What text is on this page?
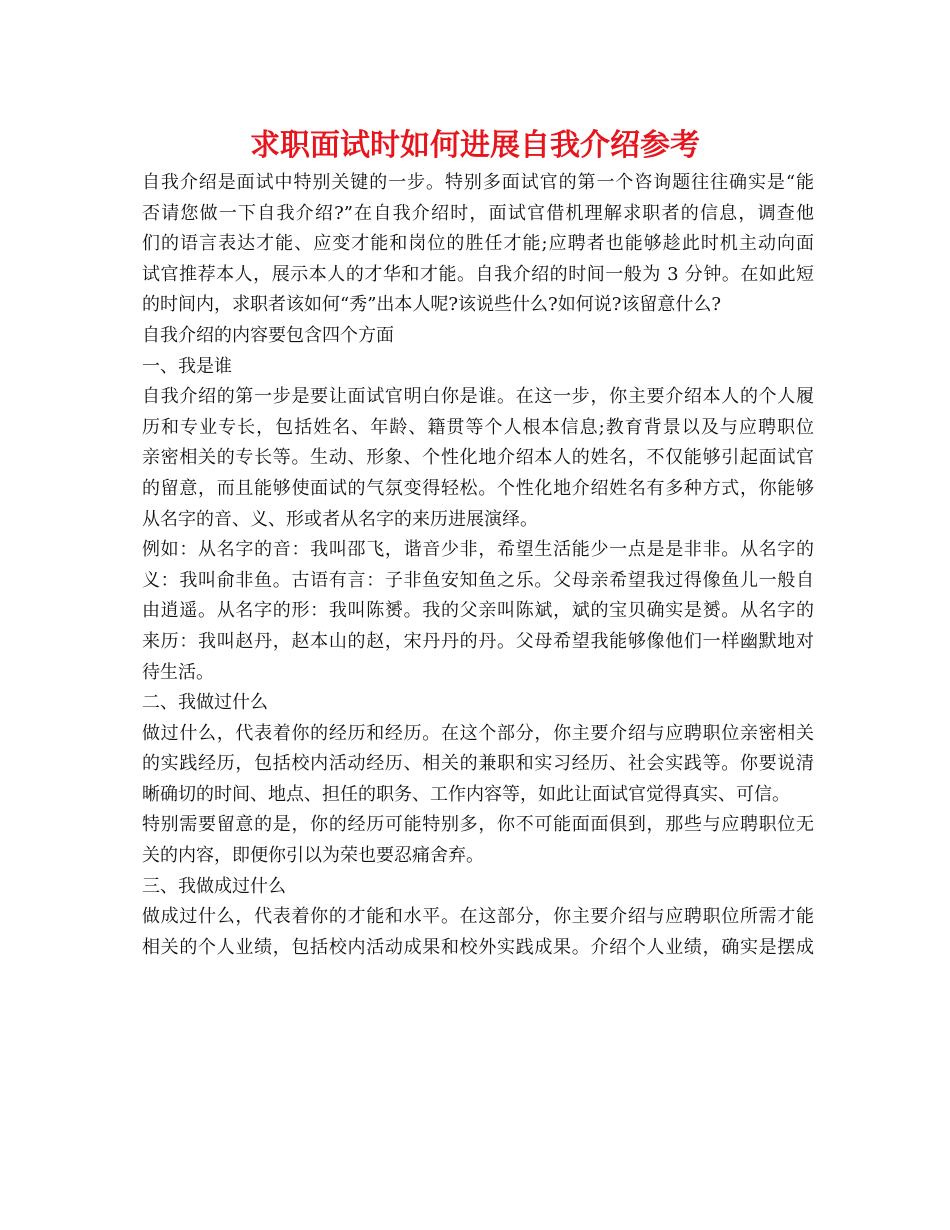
求职面试时如何进展自我介绍参考
自我介绍是面试中特别关键的一步。特别多面试官的第一个咨询题往往确实是“能
否请您做一下自我介绍?”在自我介绍时，面试官借机理解求职者的信息，调查他
们的语言表达才能、应变才能和岗位的胜任才能;应聘者也能够趁此时机主动向面
试官推荐本人，展示本人的才华和才能。自我介绍的时间一般为 3 分钟。在如此短
的时间内，求职者该如何“秀”出本人呢?该说些什么?如何说?该留意什么?
自我介绍的内容要包含四个方面
一、我是谁
自我介绍的第一步是要让面试官明白你是谁。在这一步，你主要介绍本人的个人履
历和专业专长，包括姓名、年龄、籍贯等个人根本信息;教育背景以及与应聘职位
亲密相关的专长等。生动、形象、个性化地介绍本人的姓名，不仅能够引起面试官
的留意，而且能够使面试的气氛变得轻松。个性化地介绍姓名有多种方式，你能够
从名字的音、义、形或者从名字的来历进展演绎。
例如：从名字的音：我叫邵飞，谐音少非，希望生活能少一点是是非非。从名字的
义：我叫俞非鱼。古语有言：子非鱼安知鱼之乐。父母亲希望我过得像鱼儿一般自
由逍遥。从名字的形：我叫陈赟。我的父亲叫陈斌，斌的宝贝确实是赟。从名字的
来历：我叫赵丹，赵本山的赵，宋丹丹的丹。父母希望我能够像他们一样幽默地对
待生活。
二、我做过什么
做过什么，代表着你的经历和经历。在这个部分，你主要介绍与应聘职位亲密相关
的实践经历，包括校内活动经历、相关的兼职和实习经历、社会实践等。你要说清
晰确切的时间、地点、担任的职务、工作内容等，如此让面试官觉得真实、可信。
特别需要留意的是，你的经历可能特别多，你不可能面面俱到，那些与应聘职位无
关的内容，即便你引以为荣也要忍痛舍弃。
三、我做成过什么
做成过什么，代表着你的才能和水平。在这部分，你主要介绍与应聘职位所需才能
相关的个人业绩，包括校内活动成果和校外实践成果。介绍个人业绩，确实是摆成
